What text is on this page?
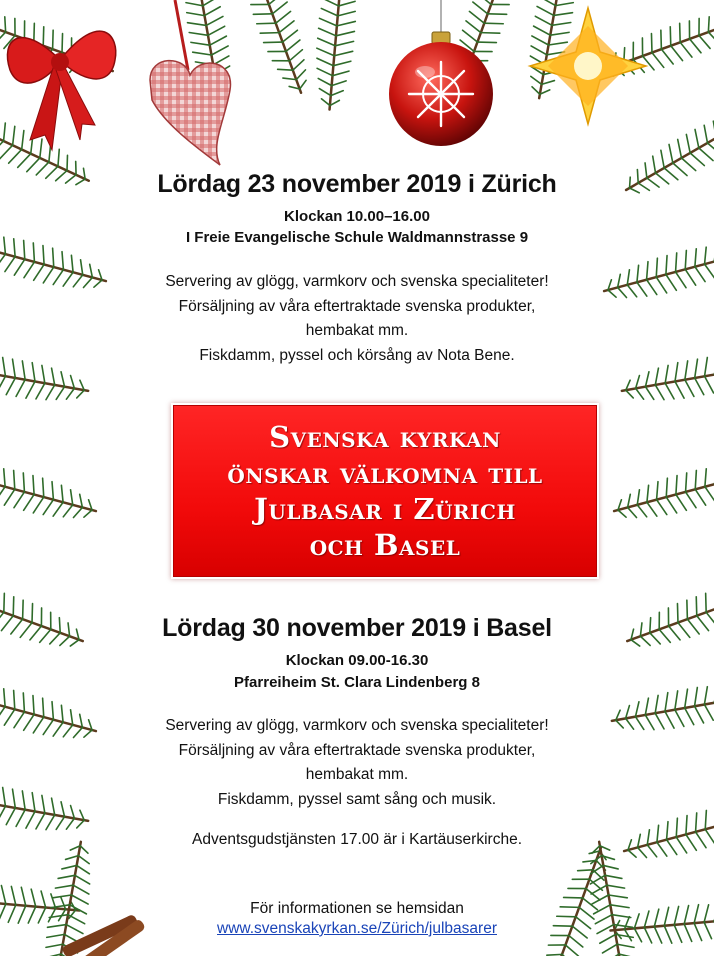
Lördag 23 november 2019 i Zürich
Klockan 10.00–16.00
I Freie Evangelische Schule Waldmannstrasse 9
Servering av glögg, varmkorv och svenska specialiteter!
Försäljning av våra eftertraktade svenska produkter,
hembakat mm.
Fiskdamm, pyssel och körsång av Nota Bene.
Svenska kyrkan
önskar välkomna till
Julbasar i Zürich
och Basel
Lördag 30 november 2019 i Basel
Klockan 09.00-16.30
Pfarreiheim St. Clara Lindenberg 8
Servering av glögg, varmkorv och svenska specialiteter!
Försäljning av våra eftertraktade svenska produkter,
hembakat mm.
Fiskdamm, pyssel samt sång och musik.
Adventsgudstjänsten 17.00 är i Kartäuserkirche.
För informationen se hemsidan
www.svenskakyrkan.se/Zürich/julbasarer
